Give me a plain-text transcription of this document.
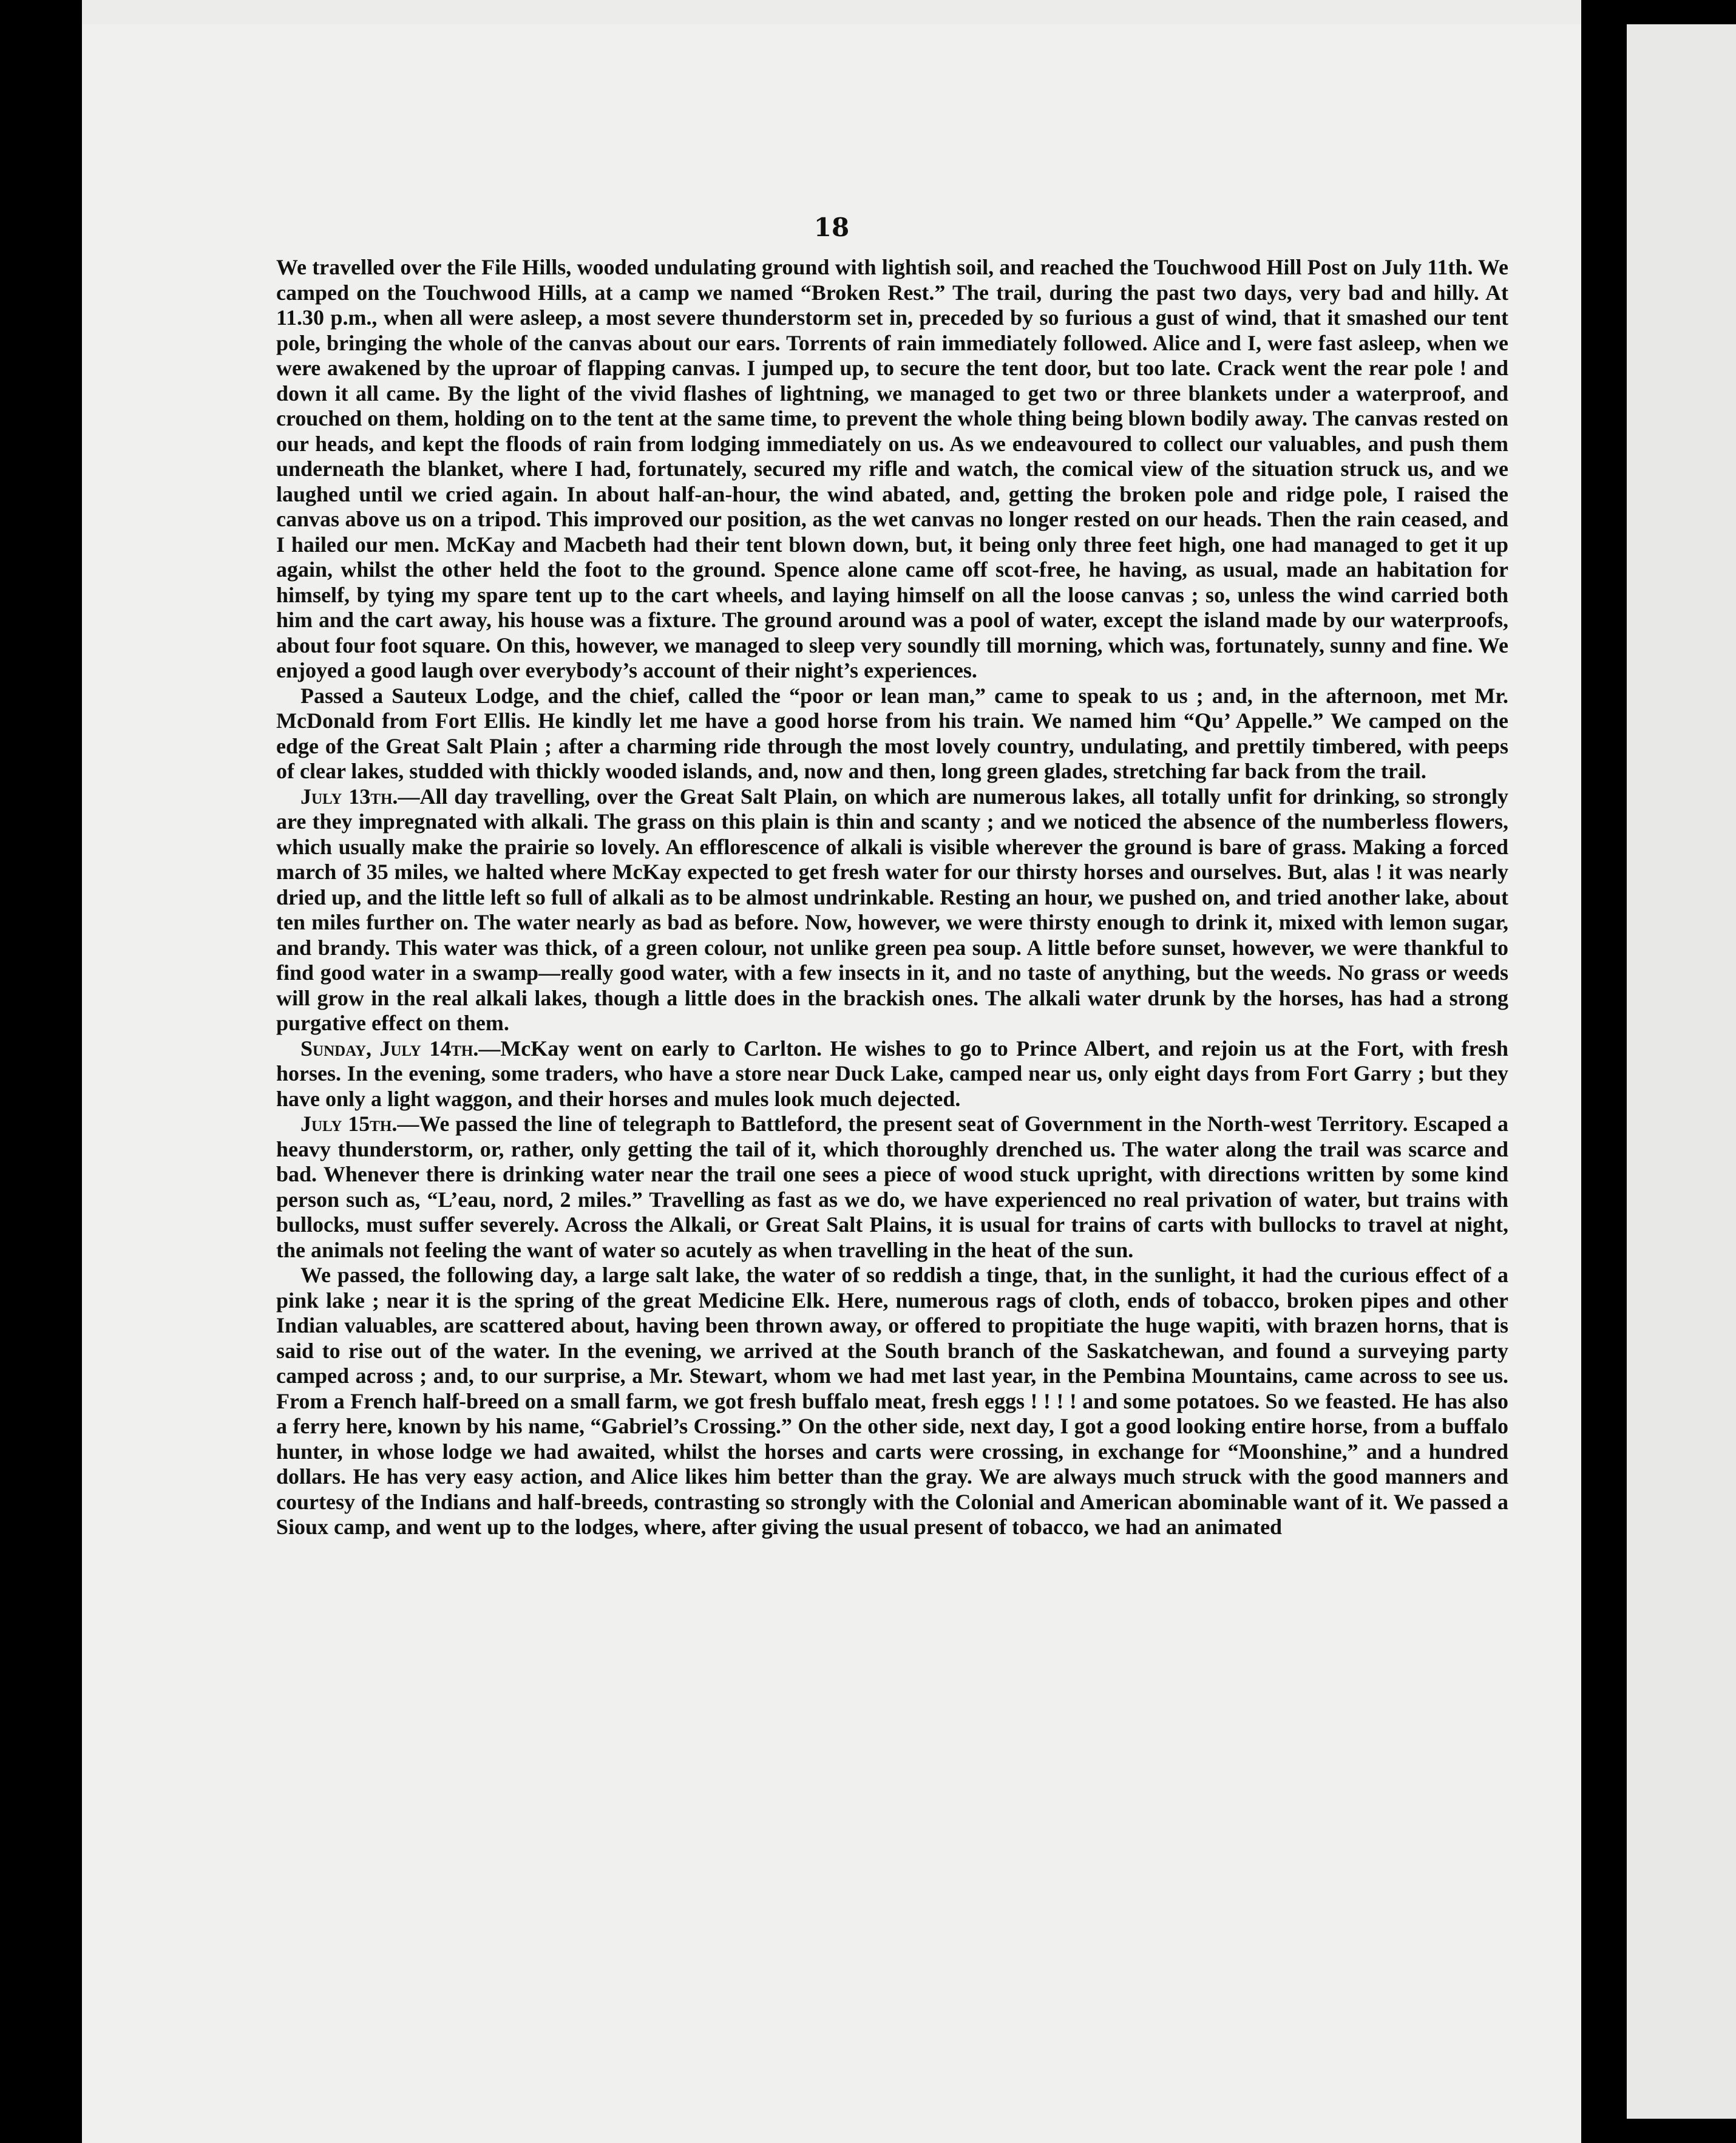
18

We travelled over the File Hills, wooded undulating ground with lightish soil, and reached the Touchwood Hill Post on July 11th. We camped on the Touchwood Hills, at a camp we named “Broken Rest.” The trail, during the past two days, very bad and hilly. At 11.30 p.m., when all were asleep, a most severe thunderstorm set in, preceded by so furious a gust of wind, that it smashed our tent pole, bringing the whole of the canvas about our ears. Torrents of rain immediately followed. Alice and I, were fast asleep, when we were awakened by the uproar of flapping canvas. I jumped up, to secure the tent door, but too late. Crack went the rear pole ! and down it all came. By the light of the vivid flashes of lightning, we managed to get two or three blankets under a waterproof, and crouched on them, holding on to the tent at the same time, to prevent the whole thing being blown bodily away. The canvas rested on our heads, and kept the floods of rain from lodging immediately on us. As we endeavoured to collect our valuables, and push them underneath the blanket, where I had, fortunately, secured my rifle and watch, the comical view of the situation struck us, and we laughed until we cried again. In about half-an-hour, the wind abated, and, getting the broken pole and ridge pole, I raised the canvas above us on a tripod. This improved our position, as the wet canvas no longer rested on our heads. Then the rain ceased, and I hailed our men. McKay and Macbeth had their tent blown down, but, it being only three feet high, one had managed to get it up again, whilst the other held the foot to the ground. Spence alone came off scot-free, he having, as usual, made an habitation for himself, by tying my spare tent up to the cart wheels, and laying himself on all the loose canvas ; so, unless the wind carried both him and the cart away, his house was a fixture. The ground around was a pool of water, except the island made by our waterproofs, about four foot square. On this, however, we managed to sleep very soundly till morning, which was, fortunately, sunny and fine. We enjoyed a good laugh over everybody’s account of their night’s experiences.

Passed a Sauteux Lodge, and the chief, called the “poor or lean man,” came to speak to us ; and, in the afternoon, met Mr. McDonald from Fort Ellis. He kindly let me have a good horse from his train. We named him “Qu’ Appelle.” We camped on the edge of the Great Salt Plain ; after a charming ride through the most lovely country, undulating, and prettily timbered, with peeps of clear lakes, studded with thickly wooded islands, and, now and then, long green glades, stretching far back from the trail.

July 13th.—All day travelling, over the Great Salt Plain, on which are numerous lakes, all totally unfit for drinking, so strongly are they impregnated with alkali. The grass on this plain is thin and scanty ; and we noticed the absence of the numberless flowers, which usually make the prairie so lovely. An efflorescence of alkali is visible wherever the ground is bare of grass. Making a forced march of 35 miles, we halted where McKay expected to get fresh water for our thirsty horses and ourselves. But, alas ! it was nearly dried up, and the little left so full of alkali as to be almost undrinkable. Resting an hour, we pushed on, and tried another lake, about ten miles further on. The water nearly as bad as before. Now, however, we were thirsty enough to drink it, mixed with lemon sugar, and brandy. This water was thick, of a green colour, not unlike green pea soup. A little before sunset, however, we were thankful to find good water in a swamp—really good water, with a few insects in it, and no taste of anything, but the weeds. No grass or weeds will grow in the real alkali lakes, though a little does in the brackish ones. The alkali water drunk by the horses, has had a strong purgative effect on them.

Sunday, July 14th.—McKay went on early to Carlton. He wishes to go to Prince Albert, and rejoin us at the Fort, with fresh horses. In the evening, some traders, who have a store near Duck Lake, camped near us, only eight days from Fort Garry ; but they have only a light waggon, and their horses and mules look much dejected.

July 15th.—We passed the line of telegraph to Battleford, the present seat of Government in the North-west Territory. Escaped a heavy thunderstorm, or, rather, only getting the tail of it, which thoroughly drenched us. The water along the trail was scarce and bad. Whenever there is drinking water near the trail one sees a piece of wood stuck upright, with directions written by some kind person such as, “L’eau, nord, 2 miles.” Travelling as fast as we do, we have experienced no real privation of water, but trains with bullocks, must suffer severely. Across the Alkali, or Great Salt Plains, it is usual for trains of carts with bullocks to travel at night, the animals not feeling the want of water so acutely as when travelling in the heat of the sun.

We passed, the following day, a large salt lake, the water of so reddish a tinge, that, in the sunlight, it had the curious effect of a pink lake ; near it is the spring of the great Medicine Elk. Here, numerous rags of cloth, ends of tobacco, broken pipes and other Indian valuables, are scattered about, having been thrown away, or offered to propitiate the huge wapiti, with brazen horns, that is said to rise out of the water. In the evening, we arrived at the South branch of the Saskatchewan, and found a surveying party camped across ; and, to our surprise, a Mr. Stewart, whom we had met last year, in the Pembina Mountains, came across to see us. From a French half-breed on a small farm, we got fresh buffalo meat, fresh eggs ! ! ! ! and some potatoes. So we feasted. He has also a ferry here, known by his name, “Gabriel’s Crossing.” On the other side, next day, I got a good looking entire horse, from a buffalo hunter, in whose lodge we had awaited, whilst the horses and carts were crossing, in exchange for “Moonshine,” and a hundred dollars. He has very easy action, and Alice likes him better than the gray. We are always much struck with the good manners and courtesy of the Indians and half-breeds, contrasting so strongly with the Colonial and American abominable want of it. We passed a Sioux camp, and went up to the lodges, where, after giving the usual present of tobacco, we had an animated
